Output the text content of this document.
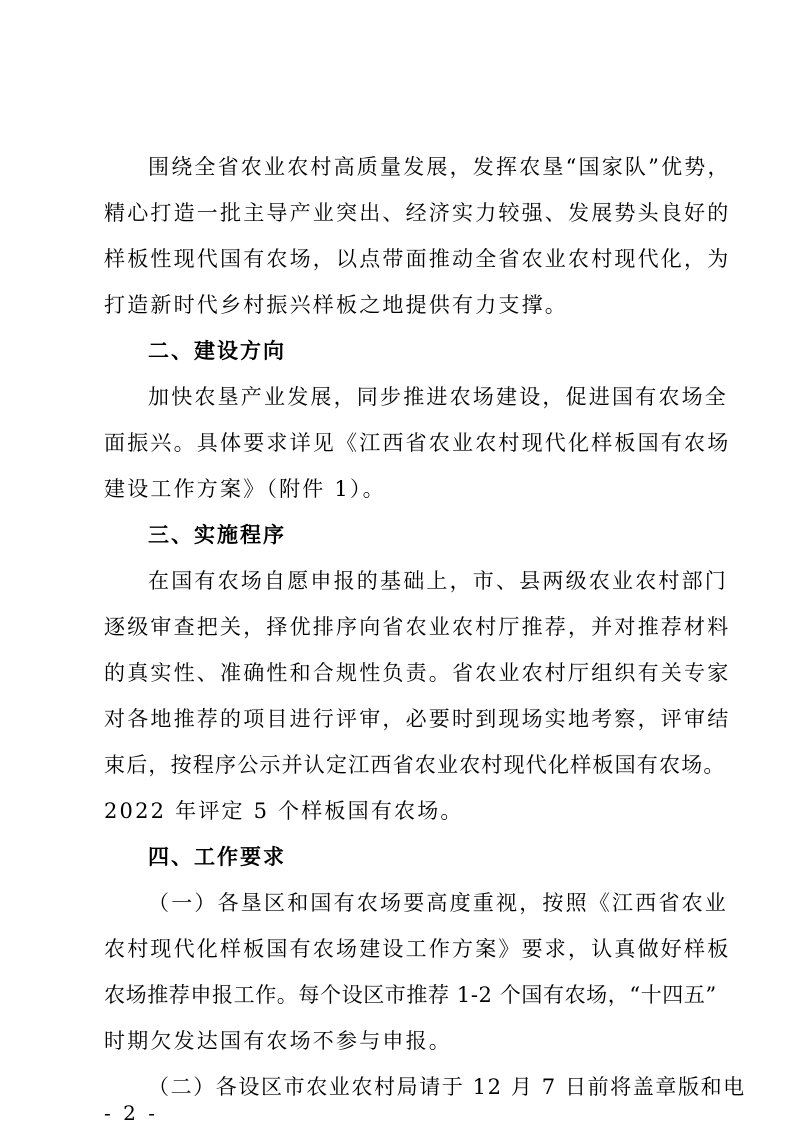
围绕全省农业农村高质量发展，发挥农垦“国家队”优势，
精心打造一批主导产业突出、经济实力较强、发展势头良好的
样板性现代国有农场，以点带面推动全省农业农村现代化，为
打造新时代乡村振兴样板之地提供有力支撑。
二、建设方向
加快农垦产业发展，同步推进农场建设，促进国有农场全
面振兴。具体要求详见《江西省农业农村现代化样板国有农场
建设工作方案》（附件 1）。
三、实施程序
在国有农场自愿申报的基础上，市、县两级农业农村部门
逐级审查把关，择优排序向省农业农村厅推荐，并对推荐材料
的真实性、准确性和合规性负责。省农业农村厅组织有关专家
对各地推荐的项目进行评审，必要时到现场实地考察，评审结
束后，按程序公示并认定江西省农业农村现代化样板国有农场。
2022 年评定 5 个样板国有农场。
四、工作要求
（一）各垦区和国有农场要高度重视，按照《江西省农业
农村现代化样板国有农场建设工作方案》要求，认真做好样板
农场推荐申报工作。每个设区市推荐 1-2 个国有农场，“十四五”
时期欠发达国有农场不参与申报。
（二）各设区市农业农村局请于 12 月 7 日前将盖章版和电
- 2 -
